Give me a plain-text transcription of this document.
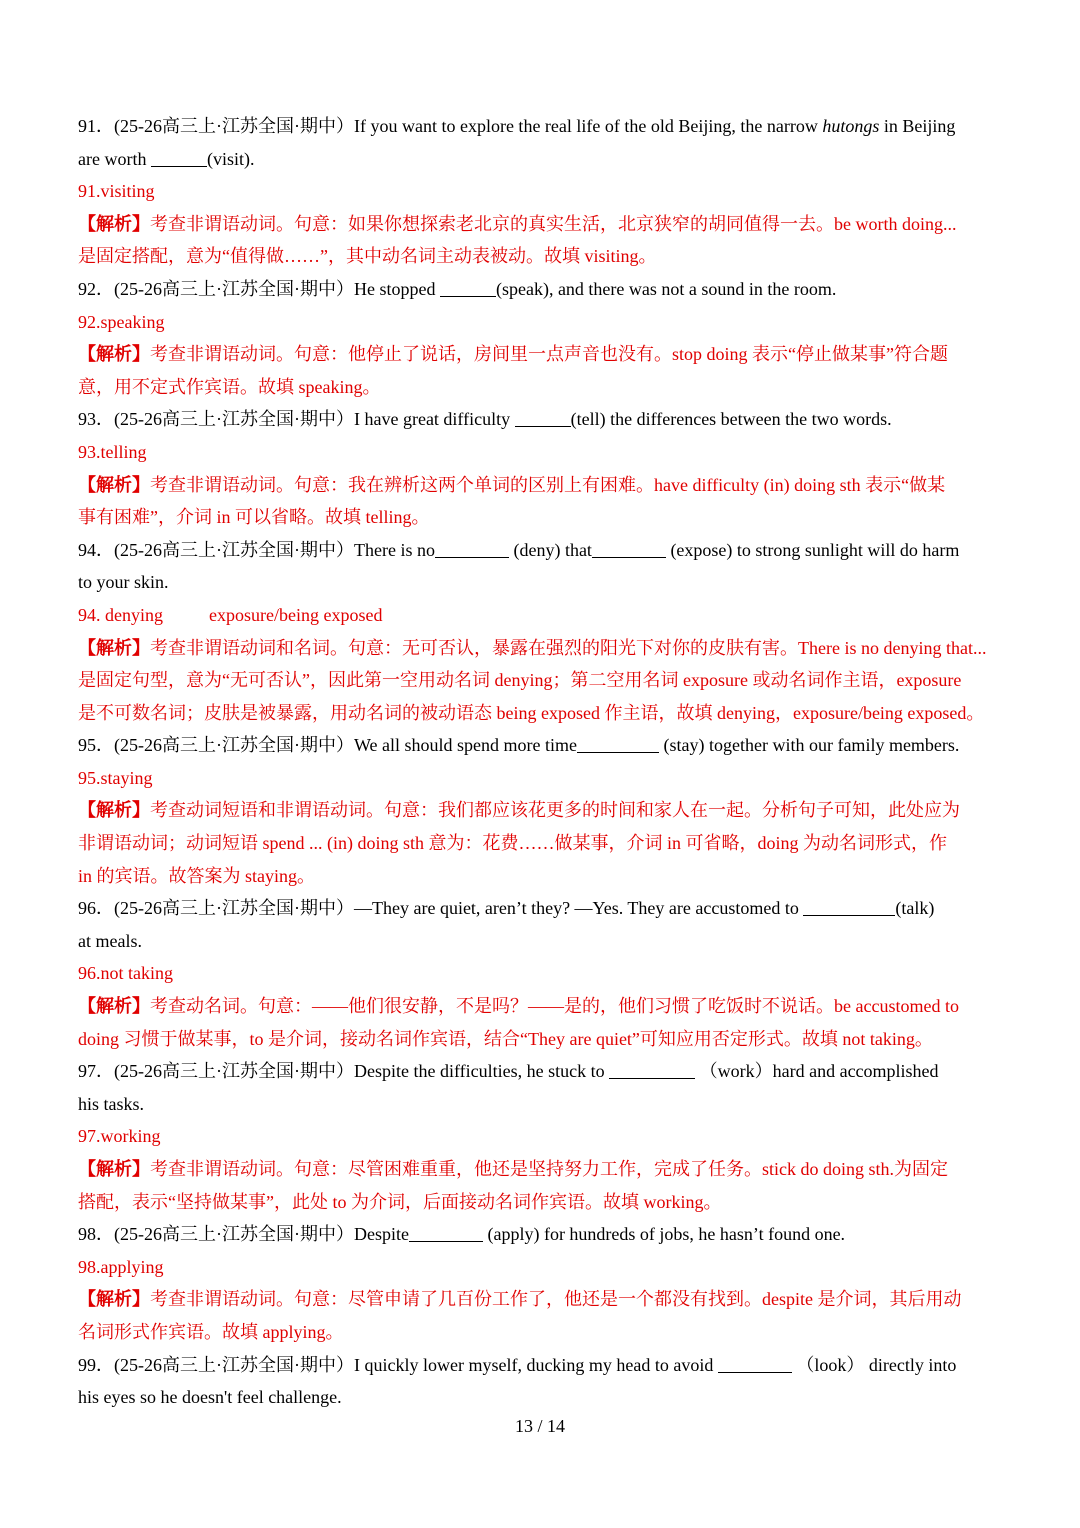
91．(25-26高三上·江苏全国·期中）If you want to explore the real life of the old Beijing, the narrow hutongs in Beijing
are worth	(visit).
91.visiting
【解析】考查非谓语动词。句意：如果你想探索老北京的真实生活，北京狭窄的胡同值得一去。be worth doing...
是固定搭配，意为“值得做……”，其中动名词主动表被动。故填 visiting。
92．(25-26高三上·江苏全国·期中）He stopped	(speak), and there was not a sound in the room.
92.speaking
【解析】考查非谓语动词。句意：他停止了说话，房间里一点声音也没有。stop doing 表示“停止做某事”符合题
意，用不定式作宾语。故填 speaking。
93．(25-26高三上·江苏全国·期中）I have great difficulty	(tell) the differences between the two words.
93.telling
【解析】考查非谓语动词。句意：我在辨析这两个单词的区别上有困难。have difficulty (in) doing sth 表示“做某
事有困难”，介词 in 可以省略。故填 telling。
94．(25-26高三上·江苏全国·期中）There is no	(deny) that	(expose) to strong sunlight will do harm
to your skin.
94. denying	exposure/being exposed
【解析】考查非谓语动词和名词。句意：无可否认，暴露在强烈的阳光下对你的皮肤有害。There is no denying that...
是固定句型，意为“无可否认”，因此第一空用动名词 denying；第二空用名词 exposure 或动名词作主语，exposure
是不可数名词；皮肤是被暴露，用动名词的被动语态 being exposed 作主语，故填 denying，exposure/being exposed。
95．(25-26高三上·江苏全国·期中）We all should spend more time	(stay) together with our family members.
95.staying
【解析】考查动词短语和非谓语动词。句意：我们都应该花更多的时间和家人在一起。分析句子可知，此处应为
非谓语动词；动词短语 spend ... (in) doing sth 意为：花费……做某事，介词 in 可省略，doing 为动名词形式，作
in 的宾语。故答案为 staying。
96．(25-26高三上·江苏全国·期中）—They are quiet, aren’t they? —Yes. They are accustomed to	(talk)
at meals.
96.not taking
【解析】考查动名词。句意：——他们很安静，不是吗？——是的，他们习惯了吃饭时不说话。be accustomed to
doing 习惯于做某事，to 是介词，接动名词作宾语，结合“They are quiet”可知应用否定形式。故填 not taking。
97．(25-26高三上·江苏全国·期中）Despite the difficulties, he stuck to	（work）hard and accomplished
his tasks.
97.working
【解析】考查非谓语动词。句意：尽管困难重重，他还是坚持努力工作，完成了任务。stick do doing sth.为固定
搭配，表示“坚持做某事”，此处 to 为介词，后面接动名词作宾语。故填 working。
98．(25-26高三上·江苏全国·期中）Despite	(apply) for hundreds of jobs, he hasn’t found one.
98.applying
【解析】考查非谓语动词。句意：尽管申请了几百份工作了，他还是一个都没有找到。despite 是介词，其后用动
名词形式作宾语。故填 applying。
99．(25-26高三上·江苏全国·期中）I quickly lower myself, ducking my head to avoid	（look） directly into
his eyes so he doesn't feel challenge.
13 / 14
